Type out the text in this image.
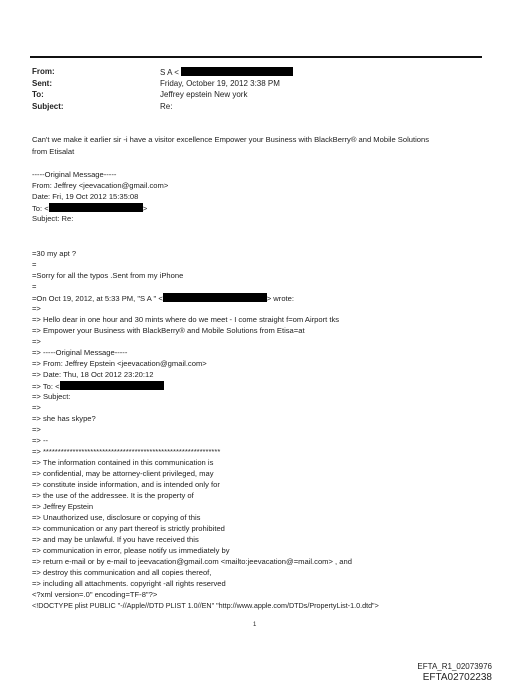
From:	S A <
Sent:	Friday, October 19, 2012 3:38 PM
To:	Jeffrey epstein New york
Subject:	Re:
Can't we make it earlier sir -i have a visitor excellence Empower your Business with BlackBerry® and Mobile Solutions
from Etisalat
-----Original Message-----
From: Jeffrey <jeevacation@gmail.com>
Date: Fri, 19 Oct 2012 15:35:08
To: <	>
Subject: Re:
=30 my apt ?
=
=Sorry for all the typos .Sent from my iPhone
=
=On Oct 19, 2012, at 5:33 PM, "S A " <	> wrote:
=>
=> Hello dear in one hour and 30 mints where do we meet - I come straight f=om Airport tks
=> Empower your Business with BlackBerry® and Mobile Solutions from Etisa=at
=>
=> -----Original Message-----
=> From: Jeffrey Epstein <jeevacation@gmail.com>
=> Date: Thu, 18 Oct 2012 23:20:12
=> To: <
=> Subject:
=>
=> she has skype?
=>
=> --
=> ************************************************************
=> The information contained in this communication is
=> confidential, may be attorney-client privileged, may
=> constitute inside information, and is intended only for
=> the use of the addressee. It is the property of
=> Jeffrey Epstein
=> Unauthorized use, disclosure or copying of this
=> communication or any part thereof is strictly prohibited
=> and may be unlawful. If you have received this
=> communication in error, please notify us immediately by
=> return e-mail or by e-mail to jeevacation@gmail.com <mailto:jeevacation@=mail.com> , and
=> destroy this communication and all copies thereof,
=> including all attachments. copyright -all rights reserved
<?xml version=.0" encoding=TF-8"?>
<!DOCTYPE plist PUBLIC "-//Apple//DTD PLIST 1.0//EN" "http://www.apple.com/DTDs/PropertyList-1.0.dtd">
1
EFTA_R1_02073976
EFTA02702238
